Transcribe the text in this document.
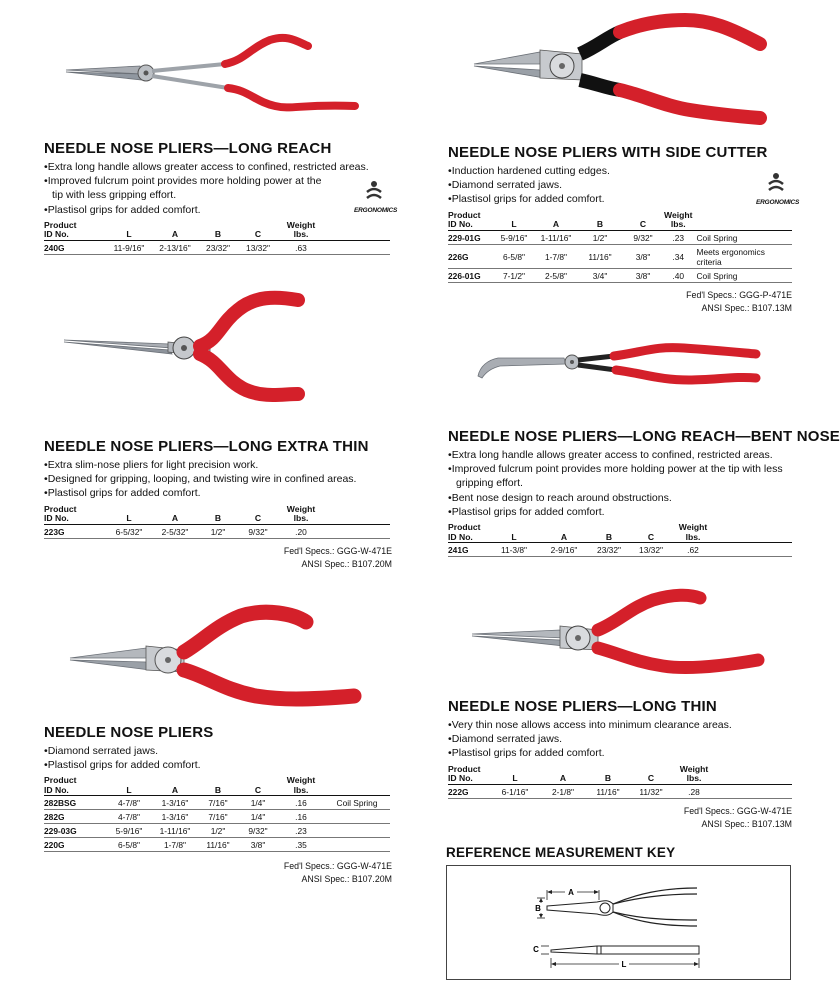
NEEDLE NOSE PLIERS—LONG REACH
• Extra long handle allows greater access to confined, restricted areas.
• Improved fulcrum point provides more holding power at the tip with less gripping effort.
• Plastisol grips for added comfort.
Product
ID No.	L	A	B	C	Weight
lbs.	
240G	11-9/16"	2-13/16"	23/32"	13/32"	.63	
ERGONOMICS
NEEDLE NOSE PLIERS—LONG EXTRA THIN
• Extra slim-nose pliers for light precision work.
• Designed for gripping, looping, and twisting wire in confined areas.
• Plastisol grips for added comfort.
Product
ID No.	L	A	B	C	Weight
lbs.	
223G	6-5/32"	2-5/32"	1/2"	9/32"	.20	
Fed'l Specs.: GGG-W-471E
ANSI Spec.: B107.20M
NEEDLE NOSE PLIERS
• Diamond serrated jaws.
• Plastisol grips for added comfort.
Product
ID No.	L	A	B	C	Weight
lbs.	
282BSG	4-7/8"	1-3/16"	7/16"	1/4"	.16	Coil Spring
282G	4-7/8"	1-3/16"	7/16"	1/4"	.16	
229-03G	5-9/16"	1-11/16"	1/2"	9/32"	.23	
220G	6-5/8"	1-7/8"	11/16"	3/8"	.35	
Fed'l Specs.: GGG-W-471E
ANSI Spec.: B107.20M
NEEDLE NOSE PLIERS WITH SIDE CUTTER
• Induction hardened cutting edges.
• Diamond serrated jaws.
• Plastisol grips for added comfort.
Product
ID No.	L	A	B	C	Weight
lbs.	
229-01G	5-9/16"	1-11/16"	1/2"	9/32"	.23	Coil Spring
226G	6-5/8"	1-7/8"	11/16"	3/8"	.34	Meets ergonomics criteria
226-01G	7-1/2"	2-5/8"	3/4"	3/8"	.40	Coil Spring
Fed'l Specs.: GGG-P-471E
ANSI Spec.: B107.13M
ERGONOMICS
NEEDLE NOSE PLIERS—LONG REACH—BENT NOSE
• Extra long handle allows greater access to confined, restricted areas.
• Improved fulcrum point provides more holding power at the tip with less gripping effort.
• Bent nose design to reach around obstructions.
• Plastisol grips for added comfort.
Product
ID No.	L	A	B	C	Weight
lbs.	
241G	11-3/8"	2-9/16"	23/32"	13/32"	.62	
NEEDLE NOSE PLIERS—LONG THIN
• Very thin nose allows access into minimum clearance areas.
• Diamond serrated jaws.
• Plastisol grips for added comfort.
Product
ID No.	L	A	B	C	Weight
lbs.	
222G	6-1/16"	2-1/8"	11/16"	11/32"	.28	
Fed'l Specs.: GGG-W-471E
ANSI Spec.: B107.13M
REFERENCE MEASUREMENT KEY
A
B
C
L
